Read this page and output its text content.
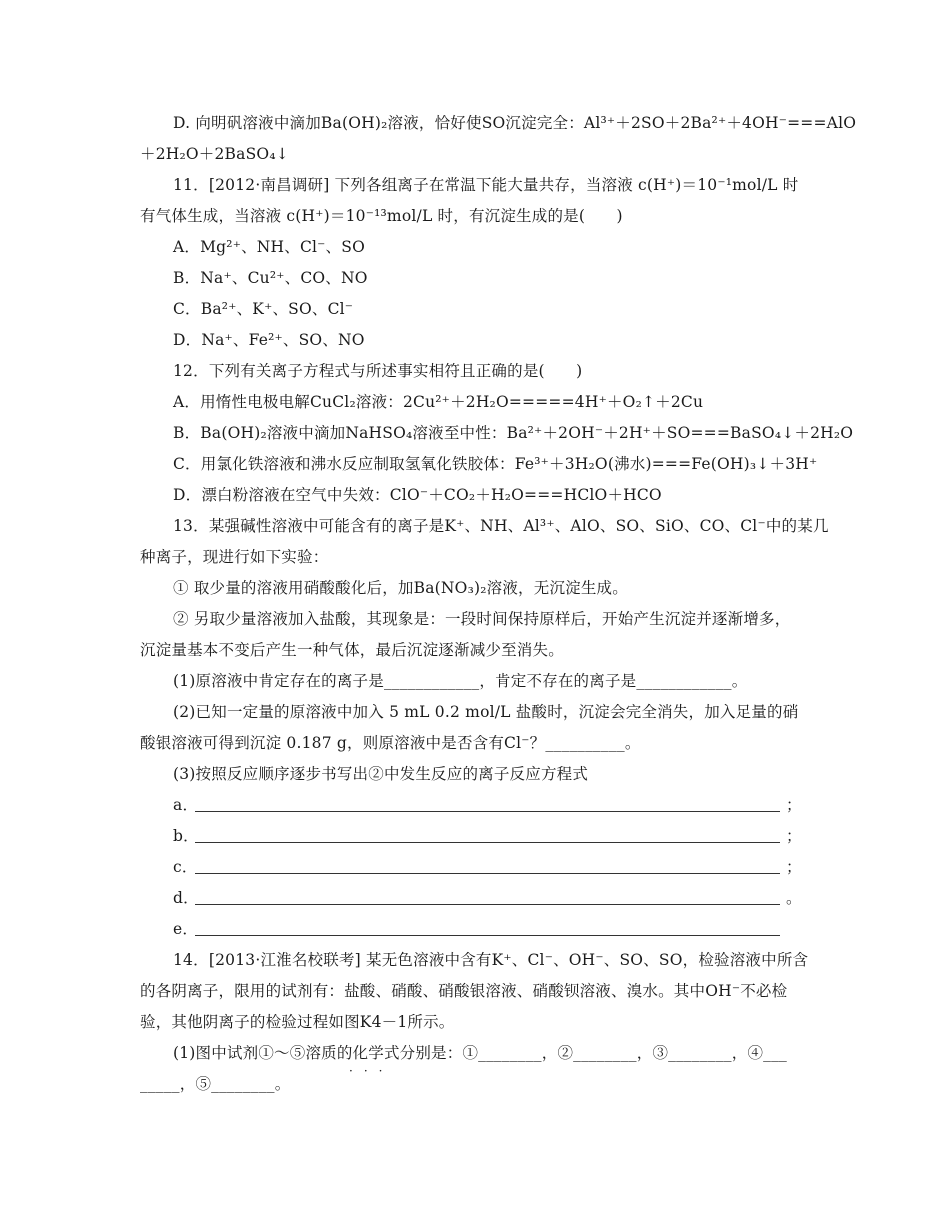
D. 向明矾溶液中滴加Ba(OH)₂溶液，恰好使SO沉淀完全：Al³⁺＋2SO＋2Ba²⁺＋4OH⁻===AlO
＋2H₂O＋2BaSO₄↓
11．[2012·南昌调研] 下列各组离子在常温下能大量共存，当溶液 c(H⁺)＝10⁻¹mol/L 时
有气体生成，当溶液 c(H⁺)＝10⁻¹³mol/L 时，有沉淀生成的是(　　)
A．Mg²⁺、NH、Cl⁻、SO
B．Na⁺、Cu²⁺、CO、NO
C．Ba²⁺、K⁺、SO、Cl⁻
D．Na⁺、Fe²⁺、SO、NO
12．下列有关离子方程式与所述事实相符且正确的是(　　)
A．用惰性电极电解CuCl₂溶液：2Cu²⁺＋2H₂O=====4H⁺＋O₂↑＋2Cu
B．Ba(OH)₂溶液中滴加NaHSO₄溶液至中性：Ba²⁺＋2OH⁻＋2H⁺＋SO===BaSO₄↓＋2H₂O
C．用氯化铁溶液和沸水反应制取氢氧化铁胶体：Fe³⁺＋3H₂O(沸水)===Fe(OH)₃↓＋3H⁺
D．漂白粉溶液在空气中失效：ClO⁻＋CO₂＋H₂O===HClO＋HCO
13．某强碱性溶液中可能含有的离子是K⁺、NH、Al³⁺、AlO、SO、SiO、CO、Cl⁻中的某几
种离子，现进行如下实验：
① 取少量的溶液用硝酸酸化后，加Ba(NO₃)₂溶液，无沉淀生成。
② 另取少量溶液加入盐酸，其现象是：一段时间保持原样后，开始产生沉淀并逐渐增多，
沉淀量基本不变后产生一种气体，最后沉淀逐渐减少至消失。
(1)原溶液中肯定存在的离子是____________，肯定不存在的离子是____________。
(2)已知一定量的原溶液中加入 5 mL 0.2 mol/L 盐酸时，沉淀会完全消失，加入足量的硝
酸银溶液可得到沉淀 0.187 g，则原溶液中是否含有Cl⁻？__________。
(3)按照反应顺序逐步书写出②中发生反应的离子反应方程式
a．	；
b．	；
c．	；
d．	。
e．
14．[2013·江淮名校联考] 某无色溶液中含有K⁺、Cl⁻、OH⁻、SO、SO，检验溶液中所含
的各阴离子，限用的试剂有：盐酸、硝酸、硝酸银溶液、硝酸钡溶液、溴水。其中OH⁻不必检
验，其他阴离子的检验过程如图K4－1所示。
(1)图中试剂①～⑤溶质的化学式分别是：①________，②________，③________，④___
···
_____，⑤________。
